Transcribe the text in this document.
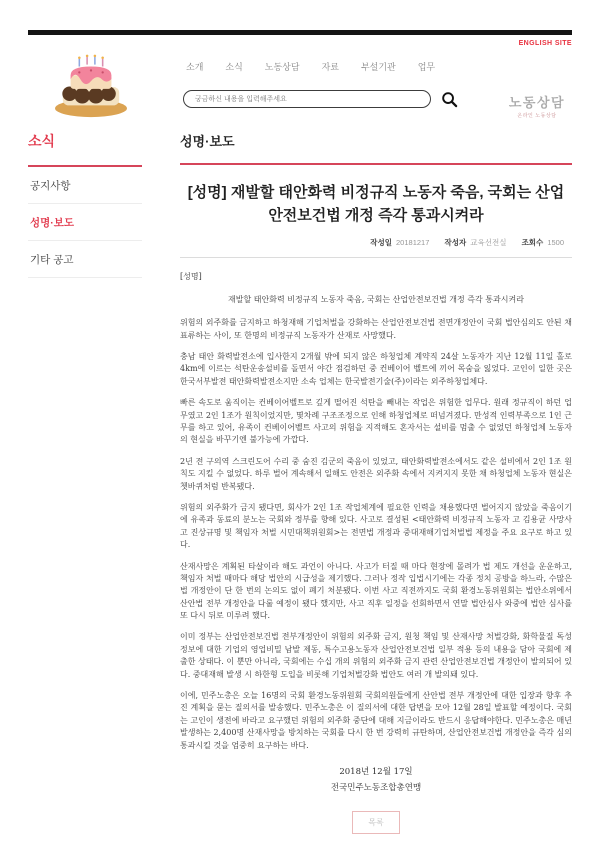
ENGLISH SITE
소개 소식 노동상담 자료 부설기관 업무
궁금하신 내용을 입력해주세요
노동상담
온라인 노동상담
소식
공지사항
성명·보도
기타 공고
성명·보도
[성명] 재발할 태안화력 비정규직 노동자 죽음, 국회는 산업안전보건법 개정 즉각 통과시켜라
작성일 20181217 작성자 교육선전실 조회수 1500
[성명]
재발할 태안화력 비정규직 노동자 죽음, 국회는 산업안전보건법 개정 즉각 통과시켜라

위험의 외주화를 금지하고 하청재해 기업처벌을 강화하는 산업안전보건법 전면개정안이 국회 법안심의도 안된 채 표류하는 사이, 또 한명의 비정규직 노동자가 산재로 사망했다.

충남 태안 화력발전소에 입사한지 2개월 밖에 되지 않은 하청업체 계약직 24살 노동자가 지난 12월 11일 홀로 4km에 이르는 석탄운송설비를 돌면서 야간 점검하던 중 컨베이어 벨트에 끼어 목숨을 잃었다. 고인이 일한 곳은 한국서부발전 태안화력발전소지만 소속 업체는 한국발전기술(주)이라는 외주하청업체다.

빠른 속도로 움직이는 컨베이어벨트로 깊게 떨어진 석탄을 빼내는 작업은 위험한 업무다. 원래 정규직이 하던 업무였고 2인 1조가 원칙이었지만, 몇차례 구조조정으로 인해 하청업체로 떠넘겨졌다. 만성적 인력부족으로 1인 근무를 하고 있어, 유족이 컨베이어벨트 사고의 위험을 지적해도 혼자서는 설비를 멈출 수 없었던 하청업체 노동자의 현실을 바꾸기엔 불가능에 가깝다.

2년 전 구의역 스크린도어 수리 중 숨진 김군의 죽음이 있었고, 태안화력발전소에서도 같은 설비에서 2인 1조 원칙도 지킬 수 없었다. 하루 벌어 계속해서 일해도 안전은 외주화 속에서 지켜지지 못한 채 하청업체 노동자 현실은 쳇바퀴처럼 반복됐다.

위험의 외주화가 금지 됐다면, 회사가 2인 1조 작업체계에 필요한 인력을 채용했다면 벌어지지 않았을 죽음이기에 유족과 동료의 분노는 국회와 정부를 향해 있다. 사고로 결성된 <태안화력 비정규직 노동자 고 김용균 사망사고 진상규명 및 책임자 처벌 시민대책위원회>는 전면법 개정과 중대재해기업처벌법 제정을 주요 요구로 하고 있다.

산재사망은 계획된 타살이라 해도 과언이 아니다. 사고가 터질 때 마다 현장에 몰려가 법 제도 개선을 운운하고, 책임자 처벌 때마다 해당 법안의 시급성을 제기했다. 그러나 정작 입법시기에는 각종 정치 공방을 하느라, 수많은 법 개정안이 단 한 번의 논의도 없이 폐기 처분됐다. 이번 사고 직전까지도 국회 환경노동위원회는 법안소위에서 산안법 전부 개정안을 다룰 예정이 됐다 했지만, 사고 직후 일정을 선회하면서 연말 법안심사 와중에 법안 심사를 또 다시 뒤로 미루려 했다.

이미 정부는 산업안전보건법 전부개정안이 위험의 외주화 금지, 원청 책임 및 산재사망 처벌강화, 화학물질 독성정보에 대한 기업의 영업비밀 남발 제동, 특수고용노동자 산업안전보건법 일부 적용 등의 내용을 담아 국회에 제출한 상태다. 이 뿐만 아니라, 국회에는 수십 개의 위험의 외주화 금지 관련 산업안전보건법 개정안이 발의되어 있다. 중대재해 발생 시 하한형 도입을 비롯해 기업처벌강화 법안도 여러 개 발의돼 있다.

이에, 민주노총은 오늘 16명의 국회 환경노동위원회 국회의원들에게 산안법 전부 개정안에 대한 입장과 향후 추진 계획을 묻는 질의서를 발송했다. 민주노총은 이 질의서에 대한 답변을 모아 12월 28일 발표할 예정이다. 국회는 고인이 생전에 바라고 요구했던 위험의 외주화 중단에 대해 지금이라도 반드시 응답해야한다. 민주노총은 매년 발생하는 2,400명 산재사망을 방치하는 국회를 다시 한 번 강력히 규탄하며, 산업안전보건법 개정안을 즉각 심의 통과시킬 것을 엄중히 요구하는 바다.

2018년 12월 17일
전국민주노동조합총연맹
목록
